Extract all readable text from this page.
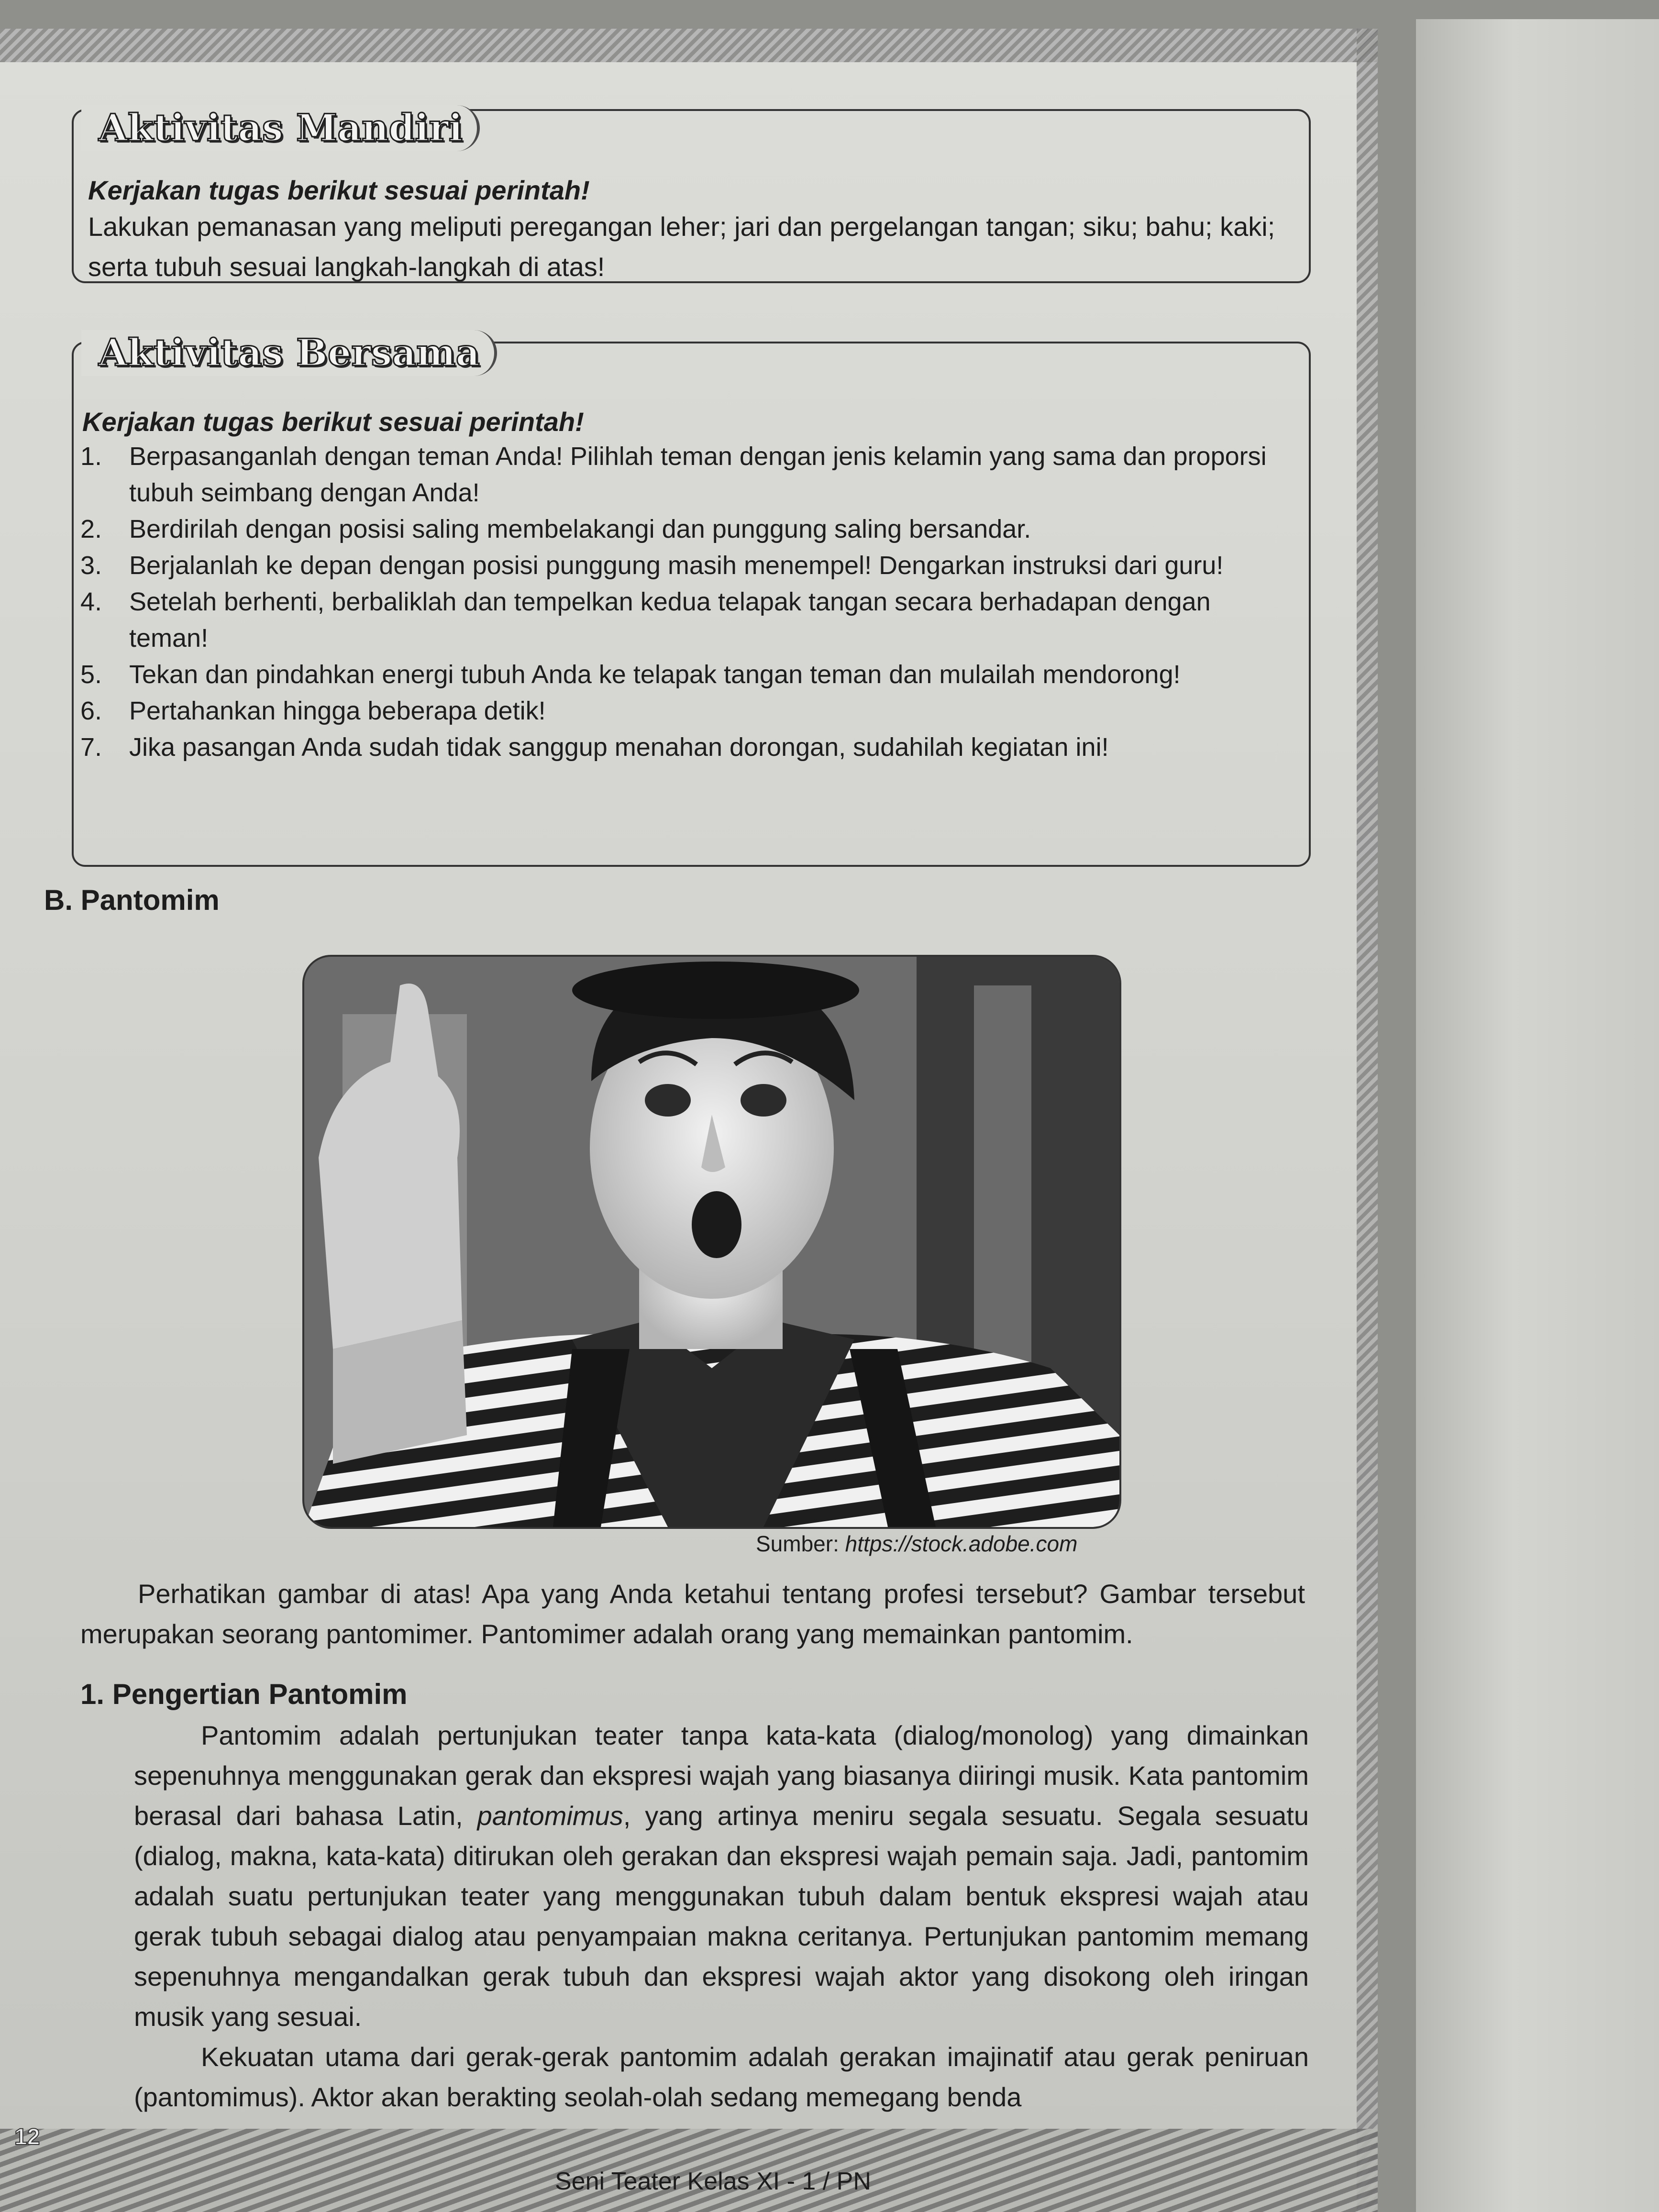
Aktivitas Mandiri

Kerjakan tugas berikut sesuai perintah!

Lakukan pemanasan yang meliputi peregangan leher; jari dan pergelangan tangan; siku; bahu; kaki; serta tubuh sesuai langkah-langkah di atas!

Aktivitas Bersama

Kerjakan tugas berikut sesuai perintah!

1. Berpasanganlah dengan teman Anda! Pilihlah teman dengan jenis kelamin yang sama dan proporsi tubuh seimbang dengan Anda!
2. Berdirilah dengan posisi saling membelakangi dan punggung saling bersandar.
3. Berjalanlah ke depan dengan posisi punggung masih menempel! Dengarkan instruksi dari guru!
4. Setelah berhenti, berbaliklah dan tempelkan kedua telapak tangan secara berhadapan dengan teman!
5. Tekan dan pindahkan energi tubuh Anda ke telapak tangan teman dan mulailah mendorong!
6. Pertahankan hingga beberapa detik!
7. Jika pasangan Anda sudah tidak sanggup menahan dorongan, sudahilah kegiatan ini!

B. Pantomim

Sumber: https://stock.adobe.com

Perhatikan gambar di atas! Apa yang Anda ketahui tentang profesi tersebut? Gambar tersebut merupakan seorang pantomimer. Pantomimer adalah orang yang memainkan pantomim.

1. Pengertian Pantomim

Pantomim adalah pertunjukan teater tanpa kata-kata (dialog/monolog) yang dimainkan sepenuhnya menggunakan gerak dan ekspresi wajah yang biasanya diiringi musik. Kata pantomim berasal dari bahasa Latin, pantomimus, yang artinya meniru segala sesuatu. Segala sesuatu (dialog, makna, kata-kata) ditirukan oleh gerakan dan ekspresi wajah pemain saja. Jadi, pantomim adalah suatu pertunjukan teater yang menggunakan tubuh dalam bentuk ekspresi wajah atau gerak tubuh sebagai dialog atau penyampaian makna ceritanya. Pertunjukan pantomim memang sepenuhnya mengandalkan gerak tubuh dan ekspresi wajah aktor yang disokong oleh iringan musik yang sesuai.

Kekuatan utama dari gerak-gerak pantomim adalah gerakan imajinatif atau gerak peniruan (pantomimus). Aktor akan berakting seolah-olah sedang memegang benda

12
Seni Teater Kelas XI - 1 / PN
